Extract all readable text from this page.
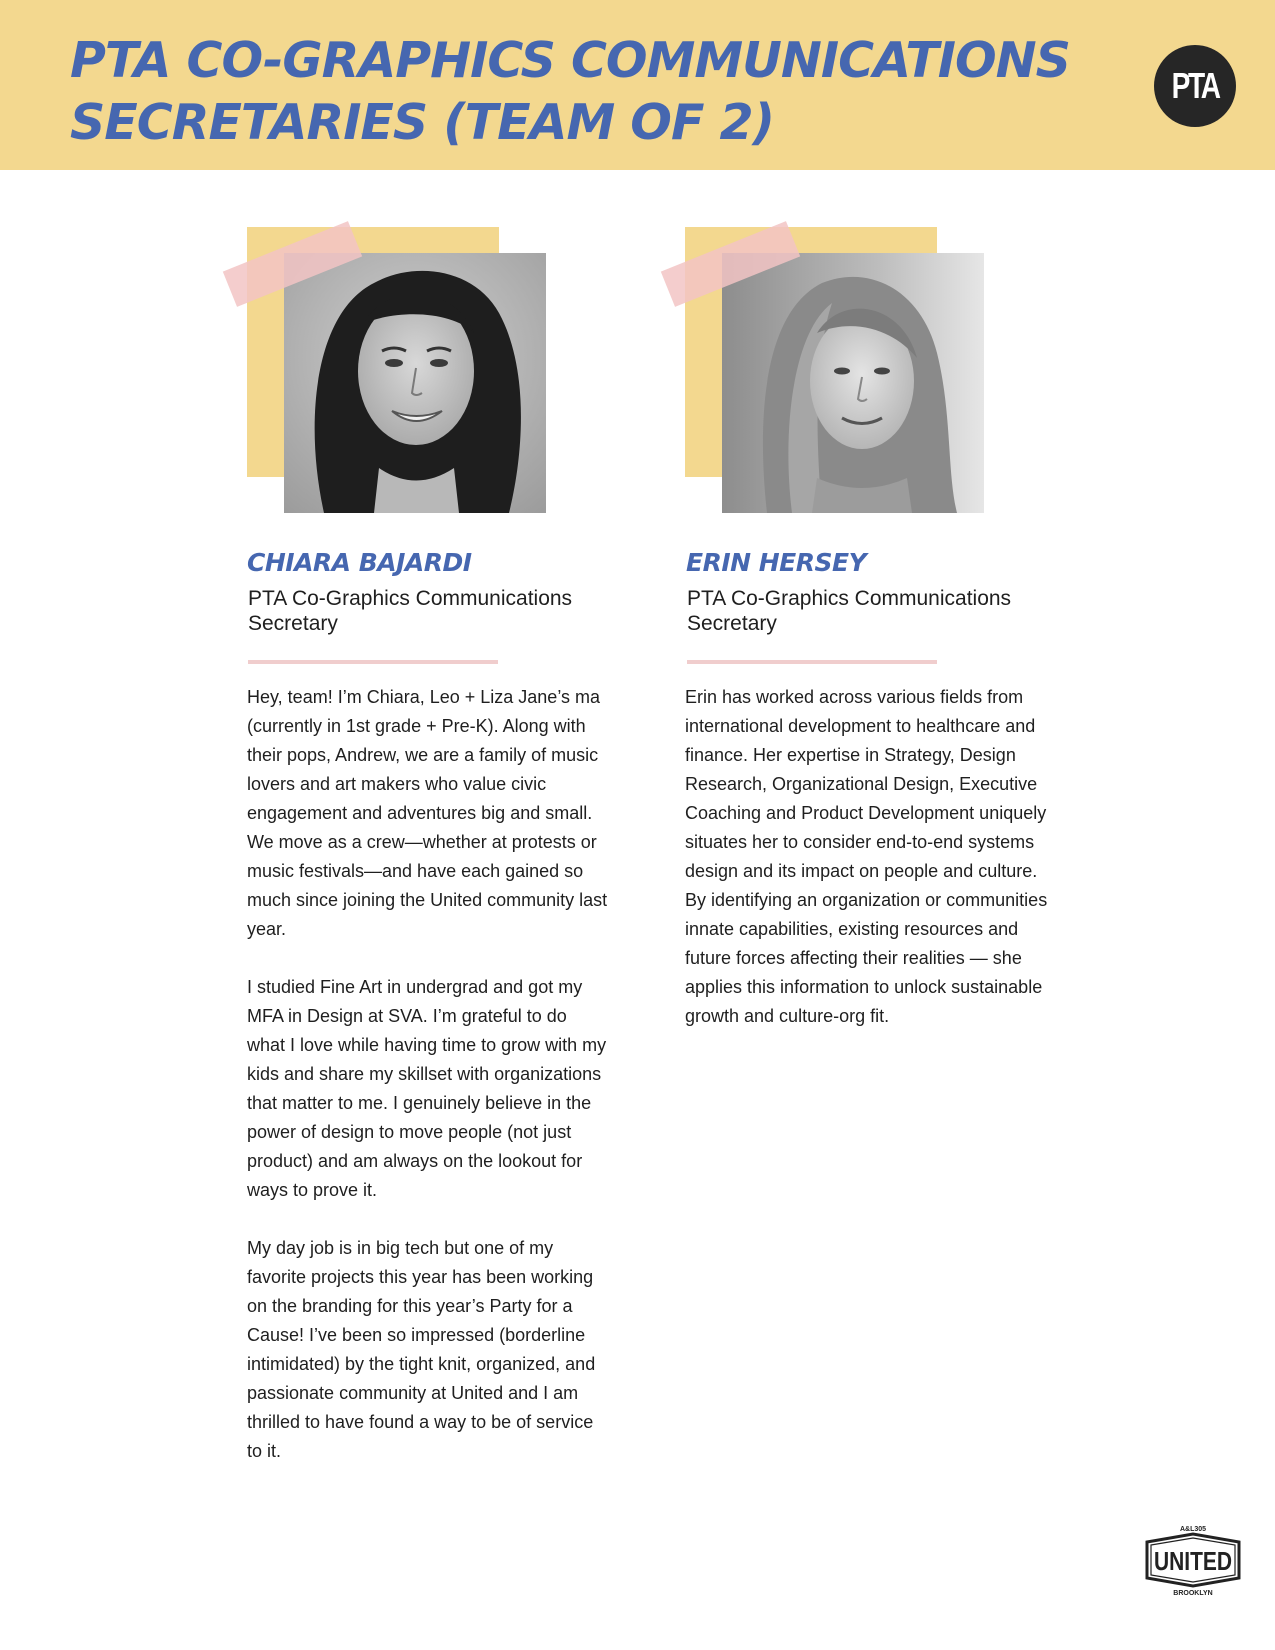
PTA CO-GRAPHICS COMMUNICATIONS
SECRETARIES (TEAM OF 2)
PTA
CHIARA BAJARDI
PTA Co-Graphics Communications
Secretary

Hey, team! I’m Chiara, Leo + Liza Jane’s ma (currently in 1st grade + Pre-K). Along with their pops, Andrew, we are a family of music lovers and art makers who value civic engagement and adventures big and small. We move as a crew—whether at protests or music festivals—and have each gained so much since joining the United community last year.

I studied Fine Art in undergrad and got my MFA in Design at SVA. I’m grateful to do what I love while having time to grow with my kids and share my skillset with organizations that matter to me. I genuinely believe in the power of design to move people (not just product) and am always on the lookout for ways to prove it.

My day job is in big tech but one of my favorite projects this year has been working on the branding for this year’s Party for a Cause! I’ve been so impressed (borderline intimidated) by the tight knit, organized, and passionate community at United and I am thrilled to have found a way to be of service to it.

ERIN HERSEY
PTA Co-Graphics Communications
Secretary

Erin has worked across various fields from international development to healthcare and finance. Her expertise in Strategy, Design Research, Organizational Design, Executive Coaching and Product Development uniquely situates her to consider end-to-end systems design and its impact on people and culture. By identifying an organization or communities innate capabilities, existing resources and future forces affecting their realities — she applies this information to unlock sustainable growth and culture-org fit.

A&L305
UNITED
BROOKLYN
